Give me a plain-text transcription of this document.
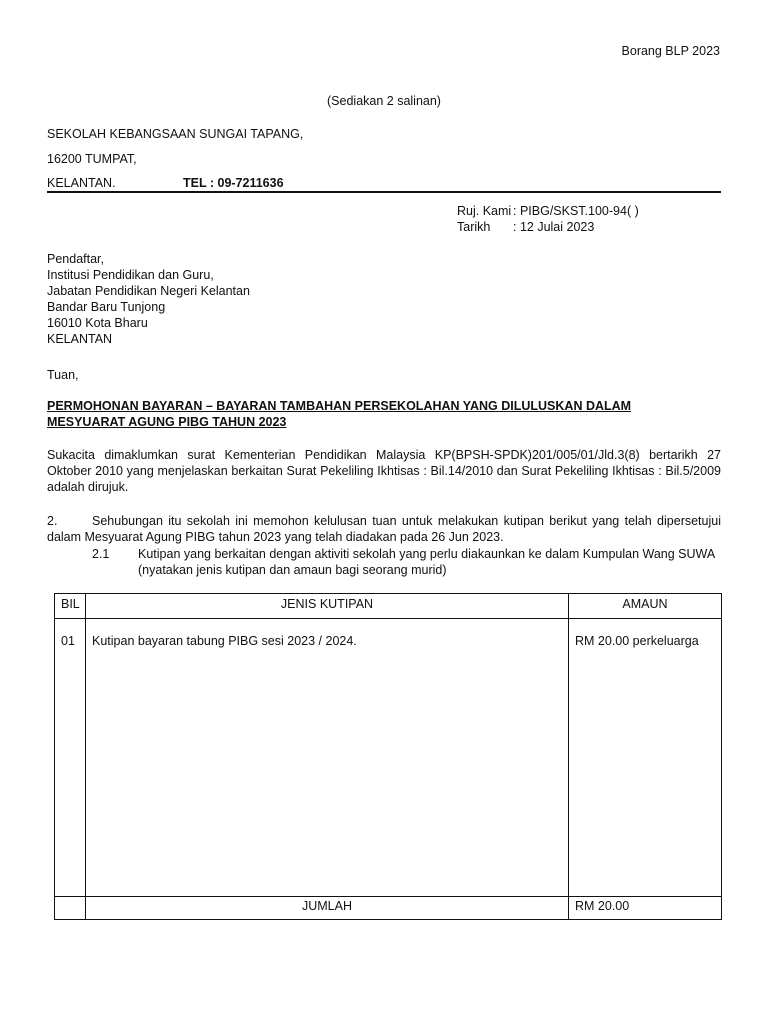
Borang BLP 2023
(Sediakan 2 salinan)
SEKOLAH KEBANGSAAN SUNGAI TAPANG,
16200 TUMPAT,
KELANTAN.	TEL : 09-7211636
Ruj. Kami : PIBG/SKST.100-94( )
Tarikh	: 12 Julai 2023
Pendaftar,
Institusi Pendidikan dan Guru,
Jabatan Pendidikan Negeri Kelantan
Bandar Baru Tunjong
16010 Kota Bharu
KELANTAN
Tuan,
PERMOHONAN BAYARAN – BAYARAN TAMBAHAN PERSEKOLAHAN YANG DILULUSKAN DALAM MESYUARAT AGUNG PIBG TAHUN 2023
Sukacita dimaklumkan surat Kementerian Pendidikan Malaysia KP(BPSH-SPDK)201/005/01/Jld.3(8) bertarikh 27 Oktober 2010 yang menjelaskan berkaitan Surat Pekeliling Ikhtisas : Bil.14/2010 dan Surat Pekeliling Ikhtisas : Bil.5/2009 adalah dirujuk.
2.	Sehubungan itu sekolah ini memohon kelulusan tuan untuk melakukan kutipan berikut yang telah dipersetujui dalam Mesyuarat Agung PIBG tahun 2023 yang telah diadakan pada 26 Jun 2023.
2.1 Kutipan yang berkaitan dengan aktiviti sekolah yang perlu diakaunkan ke dalam Kumpulan Wang SUWA (nyatakan jenis kutipan dan amaun bagi seorang murid)
BIL	JENIS KUTIPAN	AMAUN
01	Kutipan bayaran tabung PIBG sesi 2023 / 2024.	RM 20.00 perkeluarga
	JUMLAH	RM 20.00
